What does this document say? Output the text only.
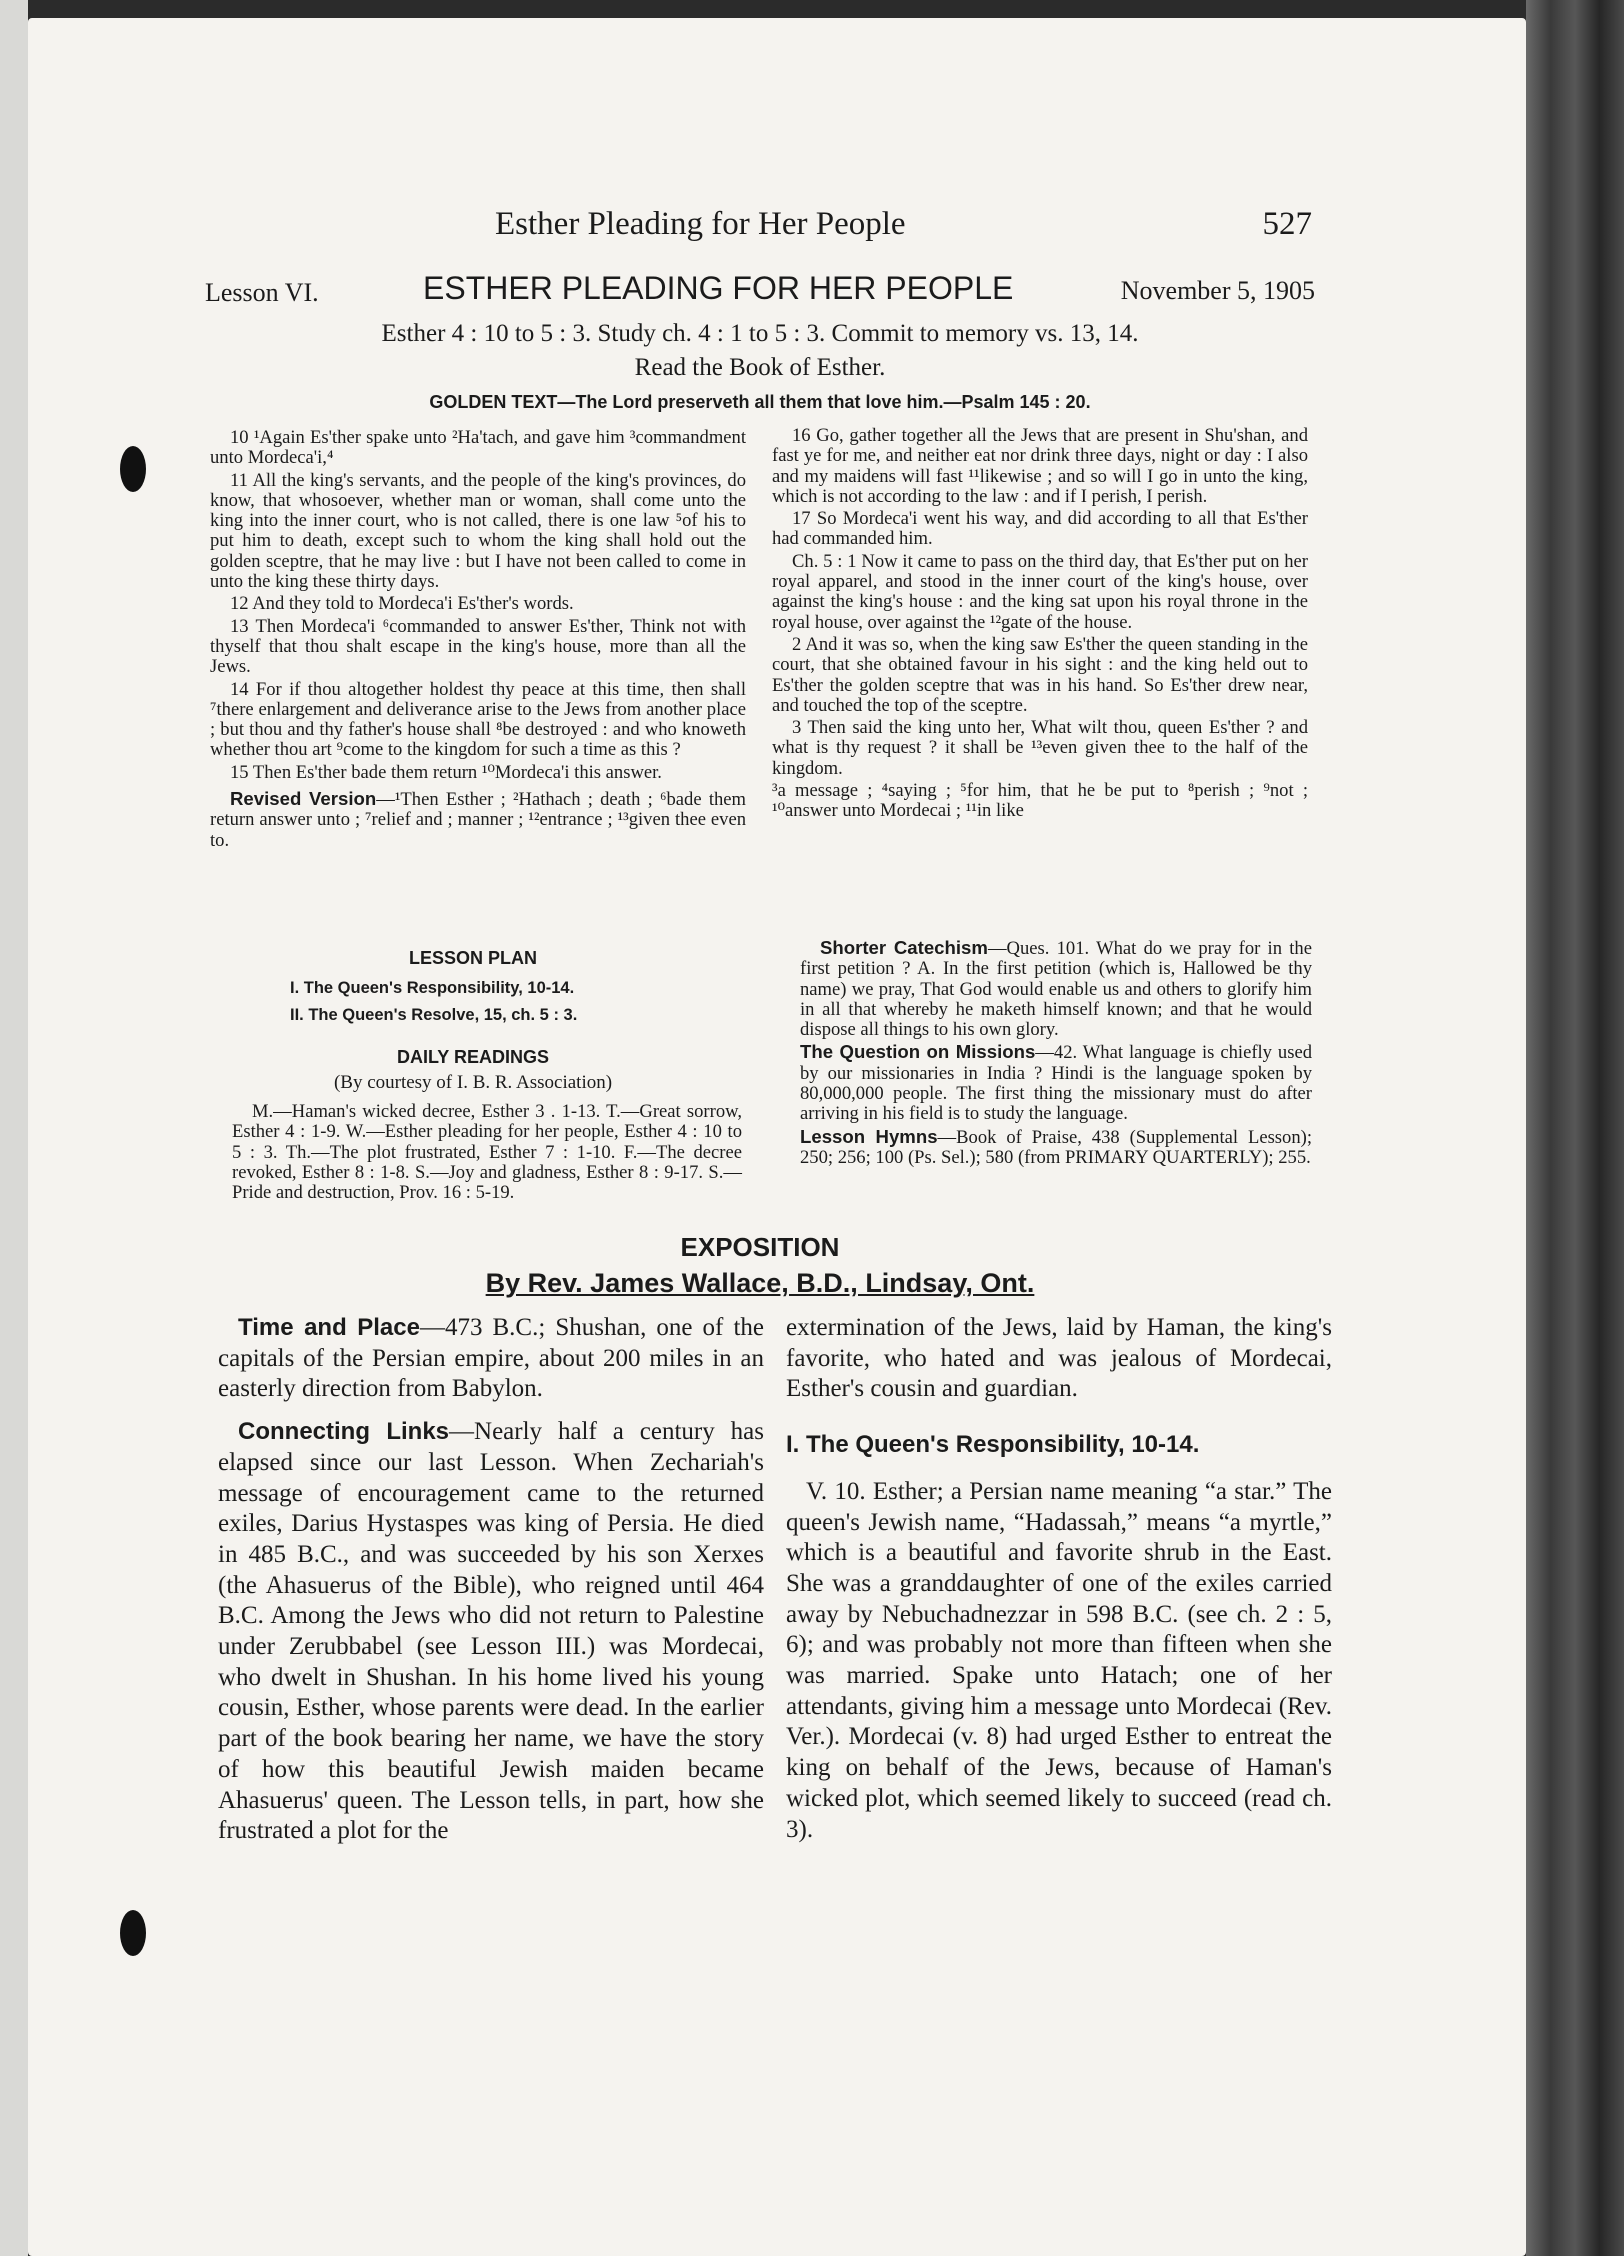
Esther Pleading for Her People	527
Lesson VI.	ESTHER PLEADING FOR HER PEOPLE	November 5, 1905
Esther 4 : 10 to 5 : 3. Study ch. 4 : 1 to 5 : 3. Commit to memory vs. 13, 14.
Read the Book of Esther.
GOLDEN TEXT—The Lord preserveth all them that love him.—Psalm 145 : 20.

10 ¹Again Es'ther spake unto ²Ha'tach, and gave him ³commandment unto Mordeca'i,⁴

11 All the king's servants, and the people of the king's provinces, do know, that whosoever, whether man or woman, shall come unto the king into the inner court, who is not called, there is one law ⁵of his to put him to death, except such to whom the king shall hold out the golden sceptre, that he may live : but I have not been called to come in unto the king these thirty days.

12 And they told to Mordeca'i Es'ther's words.

13 Then Mordeca'i ⁶commanded to answer Es'ther, Think not with thyself that thou shalt escape in the king's house, more than all the Jews.

14 For if thou altogether holdest thy peace at this time, then shall ⁷there enlargement and deliverance arise to the Jews from another place ; but thou and thy father's house shall ⁸be destroyed : and who knoweth whether thou art ⁹come to the kingdom for such a time as this ?

15 Then Es'ther bade them return ¹⁰Mordeca'i this answer.

Revised Version—¹Then Esther ; ²Hathach ; death ; ⁶bade them return answer unto ; ⁷relief and ; manner ; ¹²entrance ; ¹³given thee even to.

16 Go, gather together all the Jews that are present in Shu'shan, and fast ye for me, and neither eat nor drink three days, night or day : I also and my maidens will fast ¹¹likewise ; and so will I go in unto the king, which is not according to the law : and if I perish, I perish.

17 So Mordeca'i went his way, and did according to all that Es'ther had commanded him.

Ch. 5 : 1 Now it came to pass on the third day, that Es'ther put on her royal apparel, and stood in the inner court of the king's house, over against the king's house : and the king sat upon his royal throne in the royal house, over against the ¹²gate of the house.

2 And it was so, when the king saw Es'ther the queen standing in the court, that she obtained favour in his sight : and the king held out to Es'ther the golden sceptre that was in his hand. So Es'ther drew near, and touched the top of the sceptre.

3 Then said the king unto her, What wilt thou, queen Es'ther ? and what is thy request ? it shall be ¹³even given thee to the half of the kingdom.

³a message ; ⁴saying ; ⁵for him, that he be put to ⁸perish ; ⁹not ; ¹⁰answer unto Mordecai ; ¹¹in like

LESSON PLAN
I. The Queen's Responsibility, 10-14.
II. The Queen's Resolve, 15, ch. 5 : 3.
DAILY READINGS
(By courtesy of I. B. R. Association)

M.—Haman's wicked decree, Esther 3 . 1-13. T.—Great sorrow, Esther 4 : 1-9. W.—Esther pleading for her people, Esther 4 : 10 to 5 : 3. Th.—The plot frustrated, Esther 7 : 1-10. F.—The decree revoked, Esther 8 : 1-8. S.—Joy and gladness, Esther 8 : 9-17. S.—Pride and destruction, Prov. 16 : 5-19.

Shorter Catechism—Ques. 101. What do we pray for in the first petition ? A. In the first petition (which is, Hallowed be thy name) we pray, That God would enable us and others to glorify him in all that whereby he maketh himself known; and that he would dispose all things to his own glory.

The Question on Missions—42. What language is chiefly used by our missionaries in India ? Hindi is the language spoken by 80,000,000 people. The first thing the missionary must do after arriving in his field is to study the language.

Lesson Hymns—Book of Praise, 438 (Supplemental Lesson); 250; 256; 100 (Ps. Sel.); 580 (from PRIMARY QUARTERLY); 255.

EXPOSITION
By Rev. James Wallace, B.D., Lindsay, Ont.

Time and Place—473 B.C.; Shushan, one of the capitals of the Persian empire, about 200 miles in an easterly direction from Babylon.

Connecting Links—Nearly half a century has elapsed since our last Lesson. When Zechariah's message of encouragement came to the returned exiles, Darius Hystaspes was king of Persia. He died in 485 B.C., and was succeeded by his son Xerxes (the Ahasuerus of the Bible), who reigned until 464 B.C. Among the Jews who did not return to Palestine under Zerubbabel (see Lesson III.) was Mordecai, who dwelt in Shushan. In his home lived his young cousin, Esther, whose parents were dead. In the earlier part of the book bearing her name, we have the story of how this beautiful Jewish maiden became Ahasuerus' queen. The Lesson tells, in part, how she frustrated a plot for the

extermination of the Jews, laid by Haman, the king's favorite, who hated and was jealous of Mordecai, Esther's cousin and guardian.

I. The Queen's Responsibility, 10-14.

V. 10. Esther; a Persian name meaning “a star.” The queen's Jewish name, “Hadassah,” means “a myrtle,” which is a beautiful and favorite shrub in the East. She was a granddaughter of one of the exiles carried away by Nebuchadnezzar in 598 B.C. (see ch. 2 : 5, 6); and was probably not more than fifteen when she was married. Spake unto Hatach; one of her attendants, giving him a message unto Mordecai (Rev. Ver.). Mordecai (v. 8) had urged Esther to entreat the king on behalf of the Jews, because of Haman's wicked plot, which seemed likely to succeed (read ch. 3).
